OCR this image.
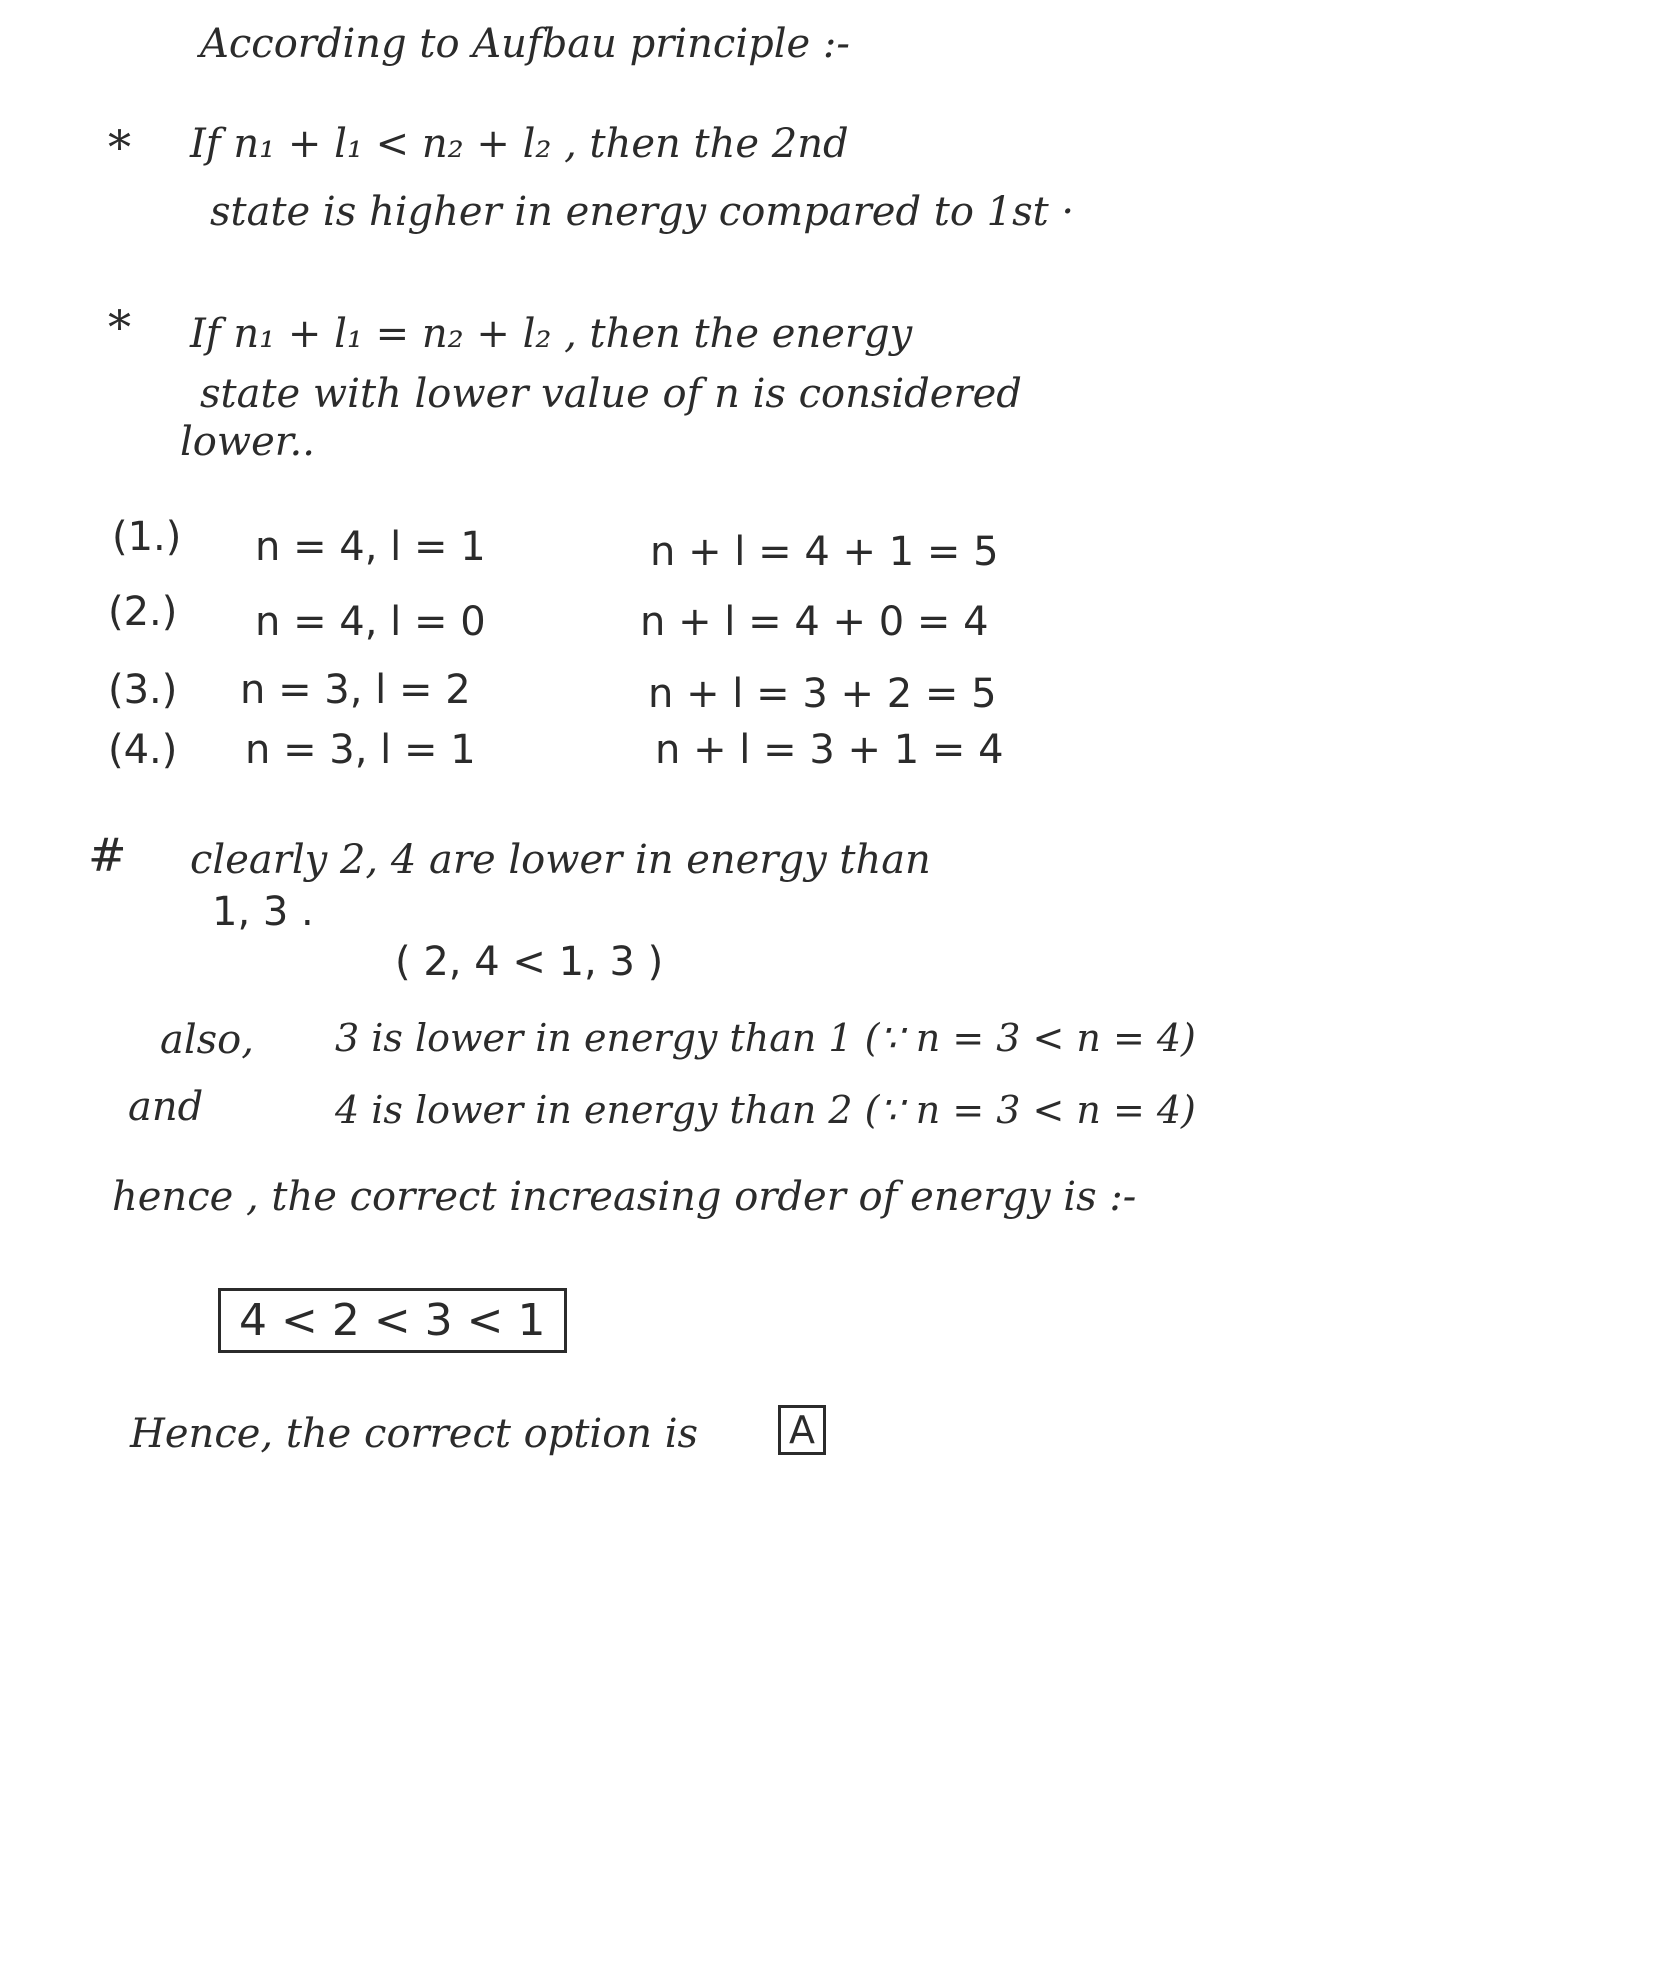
According to Aufbau principle :-
* If n₁ + l₁ < n₂ + l₂ , then the 2nd
state is higher in energy compared to 1st ·
* If n₁ + l₁ = n₂ + l₂ , then the energy
state with lower value of n is considered
lower..
(1.) n = 4, l = 1	n + l = 4 + 1 = 5
(2.) n = 4, l = 0	n + l = 4 + 0 = 4
(3.) n = 3, l = 2	n + l = 3 + 2 = 5
(4.) n = 3, l = 1	n + l = 3 + 1 = 4
# clearly 2, 4 are lower in energy than
1, 3 .
( 2, 4 < 1, 3 )
also, 3 is lower in energy than 1 (∵ n = 3 < n = 4)
and	4 is lower in energy than 2 (∵ n = 3 < n = 4)
hence , the correct increasing order of energy is :-
4 < 2 < 3 < 1
Hence, the correct option is A
